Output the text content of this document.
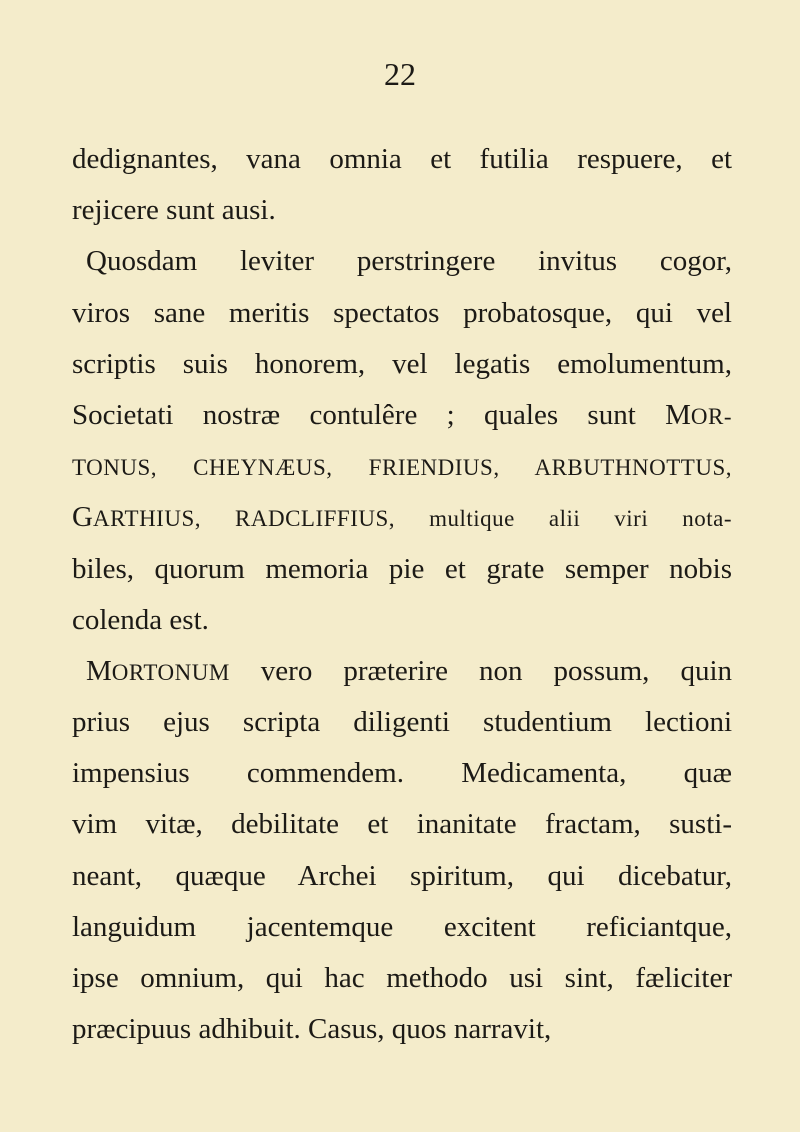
22
dedignantes, vana omnia et futilia respuere, et
rejicere sunt ausi.
Quosdam leviter perstringere invitus cogor,
viros sane meritis spectatos probatosque, qui vel
scriptis suis honorem, vel legatis emolumentum,
Societati nostræ contulêre ; quales sunt MOR-
TONUS, CHEYNÆUS, FRIENDIUS, ARBUTHNOTTUS,
GARTHIUS, RADCLIFFIUS, multique alii viri nota-
biles, quorum memoria pie et grate semper nobis
colenda est.
MORTONUM vero præterire non possum, quin
prius ejus scripta diligenti studentium lectioni
impensius commendem. Medicamenta, quæ
vim vitæ, debilitate et inanitate fractam, susti-
neant, quæque Archei spiritum, qui dicebatur,
languidum jacentemque excitent reficiantque,
ipse omnium, qui hac methodo usi sint, fæliciter
præcipuus adhibuit. Casus, quos narravit,
